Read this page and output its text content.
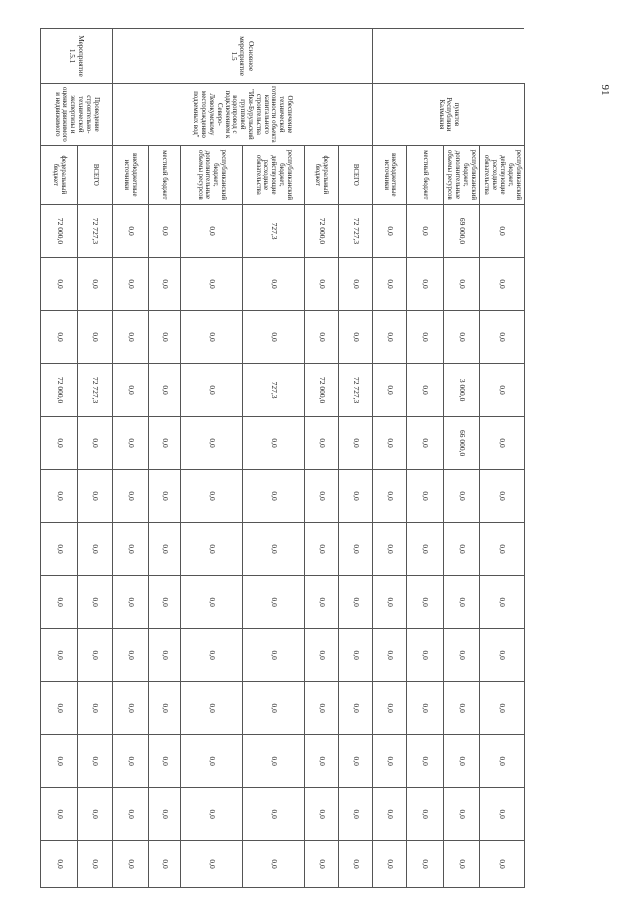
91
	пунктов Республики Калмыкия	республиканский бюджет, действующие расходные обязательства	0,0	0,0	0,0	0,0	0,0	0,0	0,0	0,0	0,0	0,0	0,0	0,0	0,0
		республиканский бюджет, дополнительные объемы ресурсов	69 000,0	0,0	0,0	3 000,0	66 000,0	0,0	0,0	0,0	0,0	0,0	0,0	0,0	0,0
		местный бюджет	0,0	0,0	0,0	0,0	0,0	0,0	0,0	0,0	0,0	0,0	0,0	0,0	0,0
		внебюджетные источники	0,0	0,0	0,0	0,0	0,0	0,0	0,0	0,0	0,0	0,0	0,0	0,0	0,0
Основное мероприятие 1.5	Обеспечение технической готовности объекта капитального строительства "Ики-Бурульский групповой водопровод с подключением к Северо-Левокумскому месторождению подземных вод"	ВСЕГО	72 727,3	0,0	0,0	72 727,3	0,0	0,0	0,0	0,0	0,0	0,0	0,0	0,0	0,0
		федеральный бюджет	72 000,0	0,0	0,0	72 000,0	0,0	0,0	0,0	0,0	0,0	0,0	0,0	0,0	0,0
		республиканский бюджет, действующие расходные обязательства	727,3	0,0	0,0	727,3	0,0	0,0	0,0	0,0	0,0	0,0	0,0	0,0	0,0
		республиканский бюджет, дополнительные объемы ресурсов	0,0	0,0	0,0	0,0	0,0	0,0	0,0	0,0	0,0	0,0	0,0	0,0	0,0
		местный бюджет	0,0	0,0	0,0	0,0	0,0	0,0	0,0	0,0	0,0	0,0	0,0	0,0	0,0
		внебюджетные источники	0,0	0,0	0,0	0,0	0,0	0,0	0,0	0,0	0,0	0,0	0,0	0,0	0,0
Мероприятие 1.5.1	Проведение строительно-технической экспертизы и оценки движимого и недвижимого	ВСЕГО	72 727,3	0,0	0,0	72 727,3	0,0	0,0	0,0	0,0	0,0	0,0	0,0	0,0	0,0
		федеральный бюджет	72 000,0	0,0	0,0	72 000,0	0,0	0,0	0,0	0,0	0,0	0,0	0,0	0,0	0,0
